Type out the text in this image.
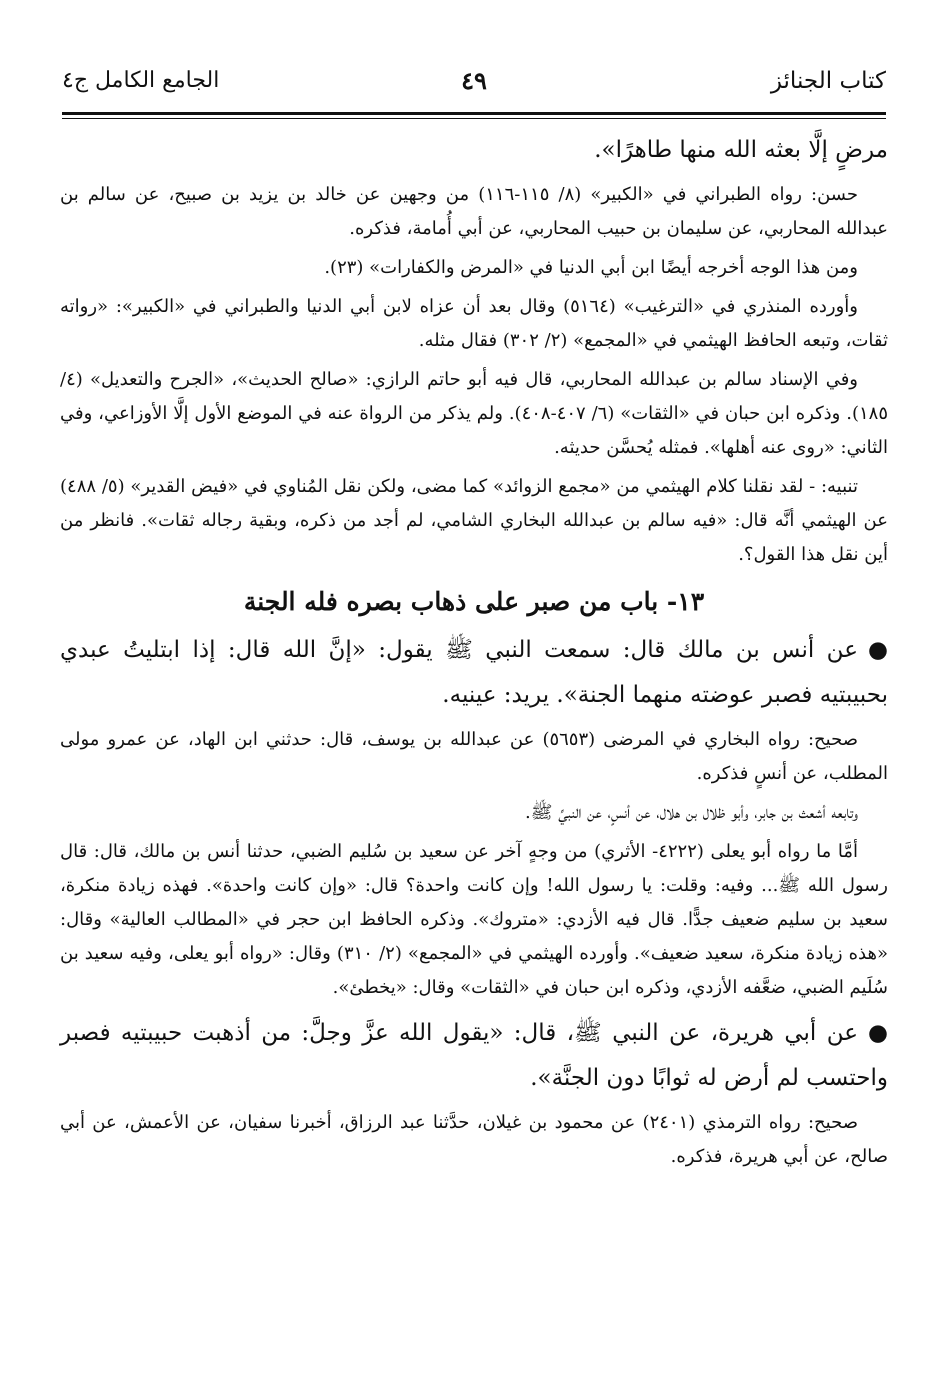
كتاب الجنائز
٤٩
الجامع الكامل ج٤

مرضٍ إلَّا بعثه الله منها طاهرًا».

حسن: رواه الطبراني في «الكبير» (٨/ ١١٥-١١٦) من وجهين عن خالد بن يزيد بن صبيح، عن سالم بن عبدالله المحاربي، عن سليمان بن حبيب المحاربي، عن أبي أُمامة، فذكره.

ومن هذا الوجه أخرجه أيضًا ابن أبي الدنيا في «المرض والكفارات» (٢٣).

وأورده المنذري في «الترغيب» (٥١٦٤) وقال بعد أن عزاه لابن أبي الدنيا والطبراني في «الكبير»: «رواته ثقات، وتبعه الحافظ الهيثمي في «المجمع» (٢/ ٣٠٢) فقال مثله.

وفي الإسناد سالم بن عبدالله المحاربي، قال فيه أبو حاتم الرازي: «صالح الحديث»، «الجرح والتعديل» (٤/ ١٨٥). وذكره ابن حبان في «الثقات» (٦/ ٤٠٧-٤٠٨). ولم يذكر من الرواة عنه في الموضع الأول إلَّا الأوزاعي، وفي الثاني: «روى عنه أهلها». فمثله يُحسَّن حديثه.

تنبيه: - لقد نقلنا كلام الهيثمي من «مجمع الزوائد» كما مضى، ولكن نقل المُناوي في «فيض القدير» (٥/ ٤٨٨) عن الهيثمي أنَّه قال: «فيه سالم بن عبدالله البخاري الشامي، لم أجد من ذكره، وبقية رجاله ثقات». فانظر من أين نقل هذا القول؟.

١٣- باب من صبر على ذهاب بصره فله الجنة

●عن أنس بن مالك قال: سمعت النبي ﷺ يقول: «إنَّ الله قال: إذا ابتليتُ عبدي بحبيبتيه فصبر عوضته منهما الجنة». يريد: عينيه.

صحيح: رواه البخاري في المرضى (٥٦٥٣) عن عبدالله بن يوسف، قال: حدثني ابن الهاد، عن عمرو مولى المطلب، عن أنسٍ فذكره.

وتابعه أشعث بن جابر، وأبو ظلال بن هلال، عن أنسٍ، عن النبيِّ ﷺ.

أمَّا ما رواه أبو يعلى (٤٢٢٢- الأثري) من وجهٍ آخر عن سعيد بن سُليم الضبي، حدثنا أنس بن مالك، قال: قال رسول الله ﷺ... وفيه: وقلت: يا رسول الله! وإن كانت واحدة؟ قال: «وإن كانت واحدة». فهذه زيادة منكرة، سعيد بن سليم ضعيف جدًّا. قال فيه الأزدي: «متروك». وذكره الحافظ ابن حجر في «المطالب العالية» وقال: «هذه زيادة منكرة، سعيد ضعيف». وأورده الهيثمي في «المجمع» (٢/ ٣١٠) وقال: «رواه أبو يعلى، وفيه سعيد بن سُلَيم الضبي، ضعَّفه الأزدي، وذكره ابن حبان في «الثقات» وقال: «يخطئ».

●عن أبي هريرة، عن النبي ﷺ، قال: «يقول الله عزَّ وجلَّ: من أذهبت حبيبتيه فصبر واحتسب لم أرض له ثوابًا دون الجنَّة».

صحيح: رواه الترمذي (٢٤٠١) عن محمود بن غيلان، حدَّثنا عبد الرزاق، أخبرنا سفيان، عن الأعمش، عن أبي صالح، عن أبي هريرة، فذكره.
